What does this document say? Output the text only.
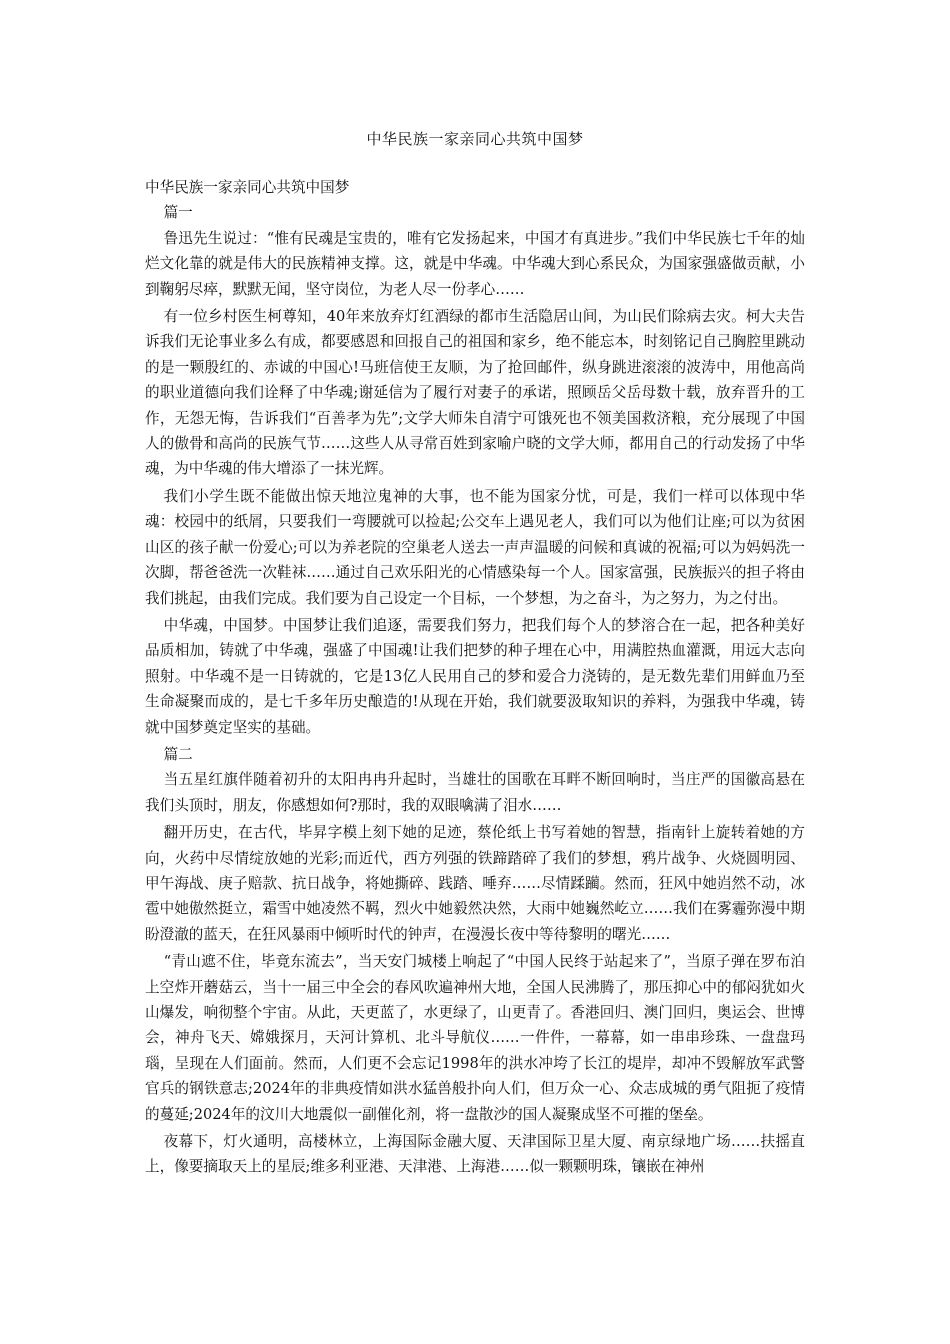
中华民族一家亲同心共筑中国梦

中华民族一家亲同心共筑中国梦

篇一

鲁迅先生说过：“惟有民魂是宝贵的，唯有它发扬起来，中国才有真进步。”我们中华民族七千年的灿烂文化靠的就是伟大的民族精神支撑。这，就是中华魂。中华魂大到心系民众，为国家强盛做贡献，小到鞠躬尽瘁，默默无闻，坚守岗位，为老人尽一份孝心……

有一位乡村医生柯尊知，40年来放弃灯红酒绿的都市生活隐居山间，为山民们除病去灾。柯大夫告诉我们无论事业多么有成，都要感恩和回报自己的祖国和家乡，绝不能忘本，时刻铭记自己胸腔里跳动的是一颗殷红的、赤诚的中国心!马班信使王友顺，为了抢回邮件，纵身跳进滚滚的波涛中，用他高尚的职业道德向我们诠释了中华魂;谢延信为了履行对妻子的承诺，照顾岳父岳母数十载，放弃晋升的工作，无怨无悔，告诉我们“百善孝为先”;文学大师朱自清宁可饿死也不领美国救济粮，充分展现了中国人的傲骨和高尚的民族气节……这些人从寻常百姓到家喻户晓的文学大师，都用自己的行动发扬了中华魂，为中华魂的伟大增添了一抹光辉。

我们小学生既不能做出惊天地泣鬼神的大事，也不能为国家分忧，可是，我们一样可以体现中华魂：校园中的纸屑，只要我们一弯腰就可以捡起;公交车上遇见老人，我们可以为他们让座;可以为贫困山区的孩子献一份爱心;可以为养老院的空巢老人送去一声声温暖的问候和真诚的祝福;可以为妈妈洗一次脚，帮爸爸洗一次鞋袜……通过自己欢乐阳光的心情感染每一个人。国家富强，民族振兴的担子将由我们挑起，由我们完成。我们要为自己设定一个目标，一个梦想，为之奋斗，为之努力，为之付出。

中华魂，中国梦。中国梦让我们追逐，需要我们努力，把我们每个人的梦溶合在一起，把各种美好品质相加，铸就了中华魂，强盛了中国魂!让我们把梦的种子埋在心中，用满腔热血灌溉，用远大志向照射。中华魂不是一日铸就的，它是13亿人民用自己的梦和爱合力浇铸的，是无数先辈们用鲜血乃至生命凝聚而成的，是七千多年历史酿造的!从现在开始，我们就要汲取知识的养料，为强我中华魂，铸就中国梦奠定坚实的基础。

篇二

当五星红旗伴随着初升的太阳冉冉升起时，当雄壮的国歌在耳畔不断回响时，当庄严的国徽高悬在我们头顶时，朋友，你感想如何?那时，我的双眼噙满了泪水……

翻开历史，在古代，毕昇字模上刻下她的足迹，蔡伦纸上书写着她的智慧，指南针上旋转着她的方向，火药中尽情绽放她的光彩;而近代，西方列强的铁蹄踏碎了我们的梦想，鸦片战争、火烧圆明园、甲午海战、庚子赔款、抗日战争，将她撕碎、践踏、唾弃……尽情蹂躏。然而，狂风中她岿然不动，冰雹中她傲然挺立，霜雪中她凌然不羁，烈火中她毅然决然，大雨中她巍然屹立……我们在雾霾弥漫中期盼澄澈的蓝天，在狂风暴雨中倾听时代的钟声，在漫漫长夜中等待黎明的曙光……

“青山遮不住，毕竟东流去”，当天安门城楼上响起了“中国人民终于站起来了”，当原子弹在罗布泊上空炸开蘑菇云，当十一届三中全会的春风吹遍神州大地，全国人民沸腾了，那压抑心中的郁闷犹如火山爆发，响彻整个宇宙。从此，天更蓝了，水更绿了，山更青了。香港回归、澳门回归，奥运会、世博会，神舟飞天、嫦娥探月，天河计算机、北斗导航仪……一件件，一幕幕，如一串串珍珠、一盘盘玛瑙，呈现在人们面前。然而，人们更不会忘记1998年的洪水冲垮了长江的堤岸，却冲不毁解放军武警官兵的钢铁意志;2024年的非典疫情如洪水猛兽般扑向人们，但万众一心、众志成城的勇气阻扼了疫情的蔓延;2024年的汶川大地震似一副催化剂，将一盘散沙的国人凝聚成坚不可摧的堡垒。

夜幕下，灯火通明，高楼林立，上海国际金融大厦、天津国际卫星大厦、南京绿地广场……扶摇直上，像要摘取天上的星辰;维多利亚港、天津港、上海港……似一颗颗明珠，镶嵌在神州
